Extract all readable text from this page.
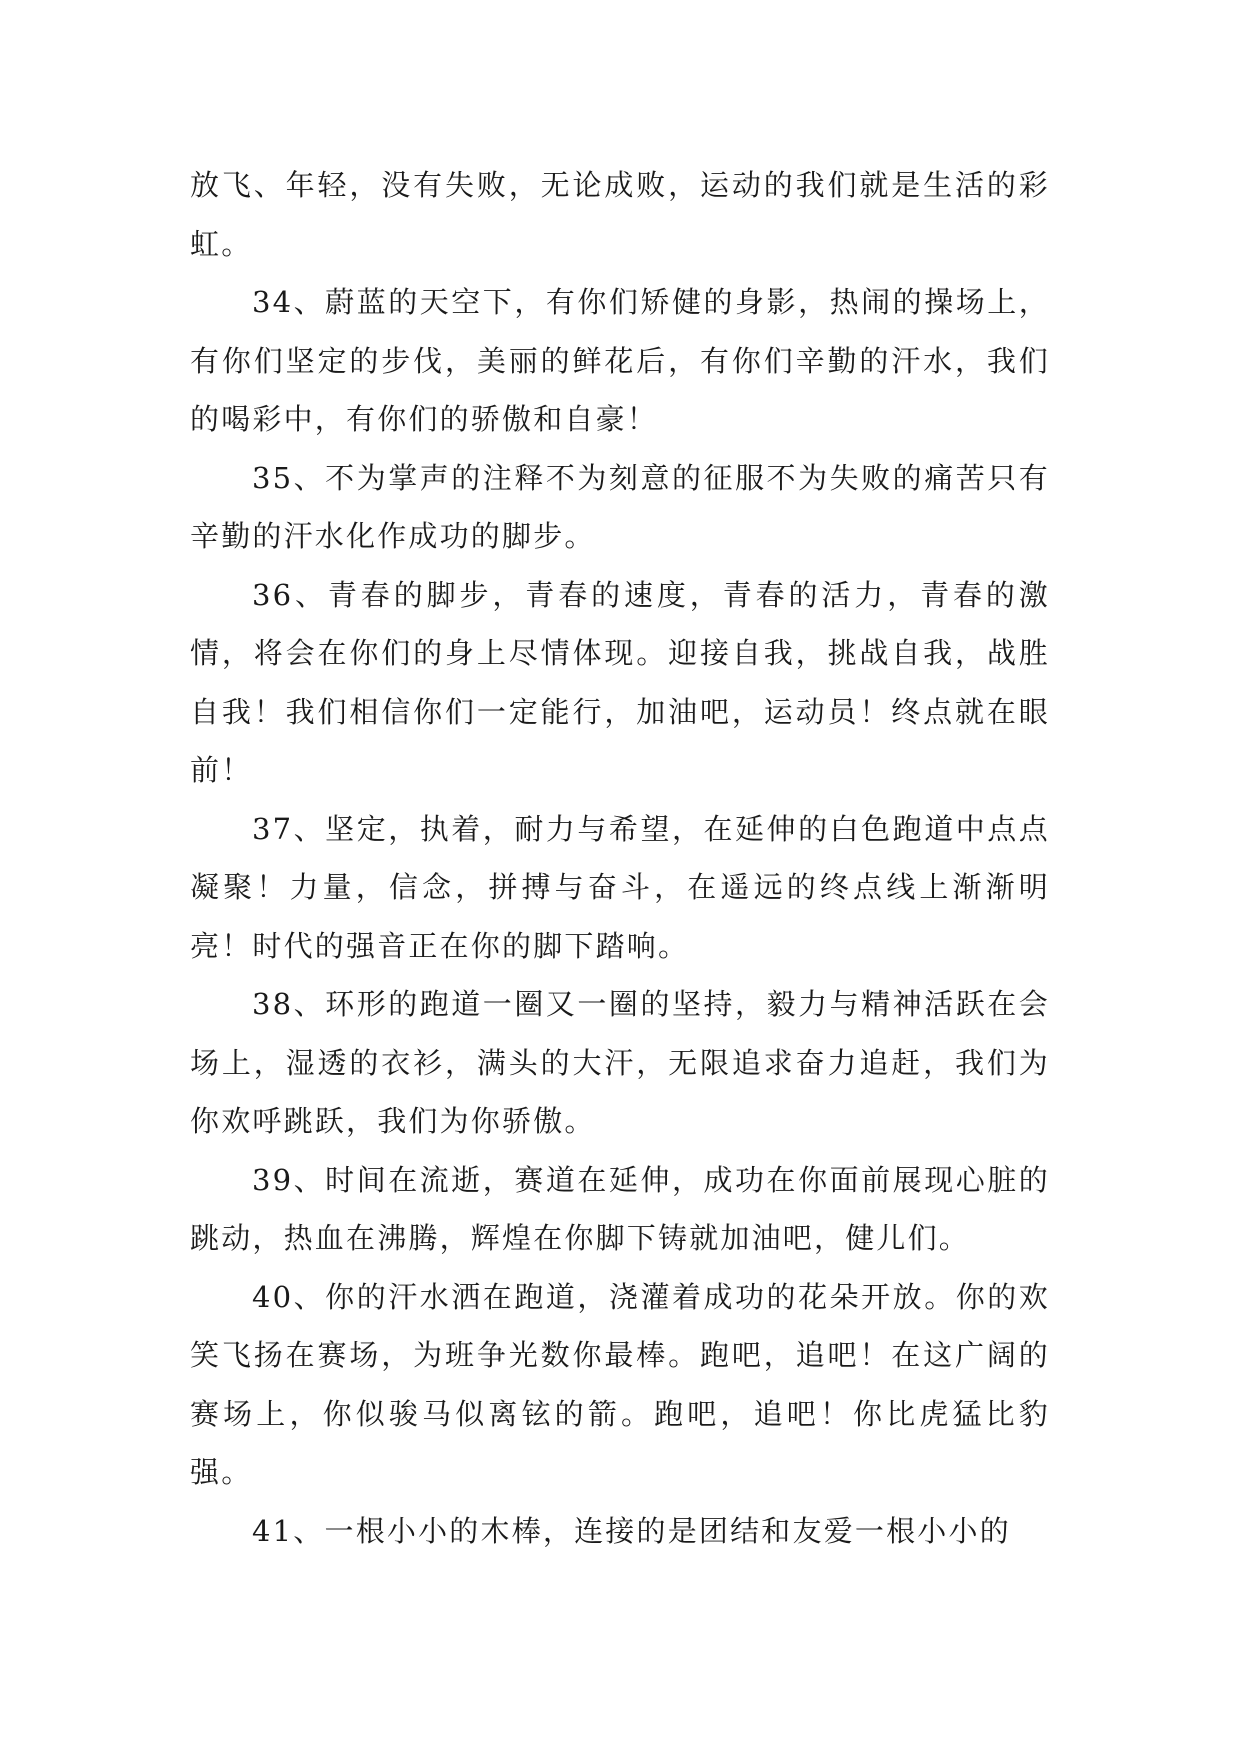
放飞、年轻，没有失败，无论成败，运动的我们就是生活的彩虹。

34、蔚蓝的天空下，有你们矫健的身影，热闹的操场上，有你们坚定的步伐，美丽的鲜花后，有你们辛勤的汗水，我们的喝彩中，有你们的骄傲和自豪！

35、不为掌声的注释不为刻意的征服不为失败的痛苦只有辛勤的汗水化作成功的脚步。

36、青春的脚步，青春的速度，青春的活力，青春的激情，将会在你们的身上尽情体现。迎接自我，挑战自我，战胜自我！我们相信你们一定能行，加油吧，运动员！终点就在眼前！

37、坚定，执着，耐力与希望，在延伸的白色跑道中点点凝聚！力量，信念，拼搏与奋斗，在遥远的终点线上渐渐明亮！时代的强音正在你的脚下踏响。

38、环形的跑道一圈又一圈的坚持，毅力与精神活跃在会场上，湿透的衣衫，满头的大汗，无限追求奋力追赶，我们为你欢呼跳跃，我们为你骄傲。

39、时间在流逝，赛道在延伸，成功在你面前展现心脏的跳动，热血在沸腾，辉煌在你脚下铸就加油吧，健儿们。

40、你的汗水洒在跑道，浇灌着成功的花朵开放。你的欢笑飞扬在赛场，为班争光数你最棒。跑吧，追吧！在这广阔的赛场上，你似骏马似离铉的箭。跑吧，追吧！你比虎猛比豹强。

41、一根小小的木棒，连接的是团结和友爱一根小小的
